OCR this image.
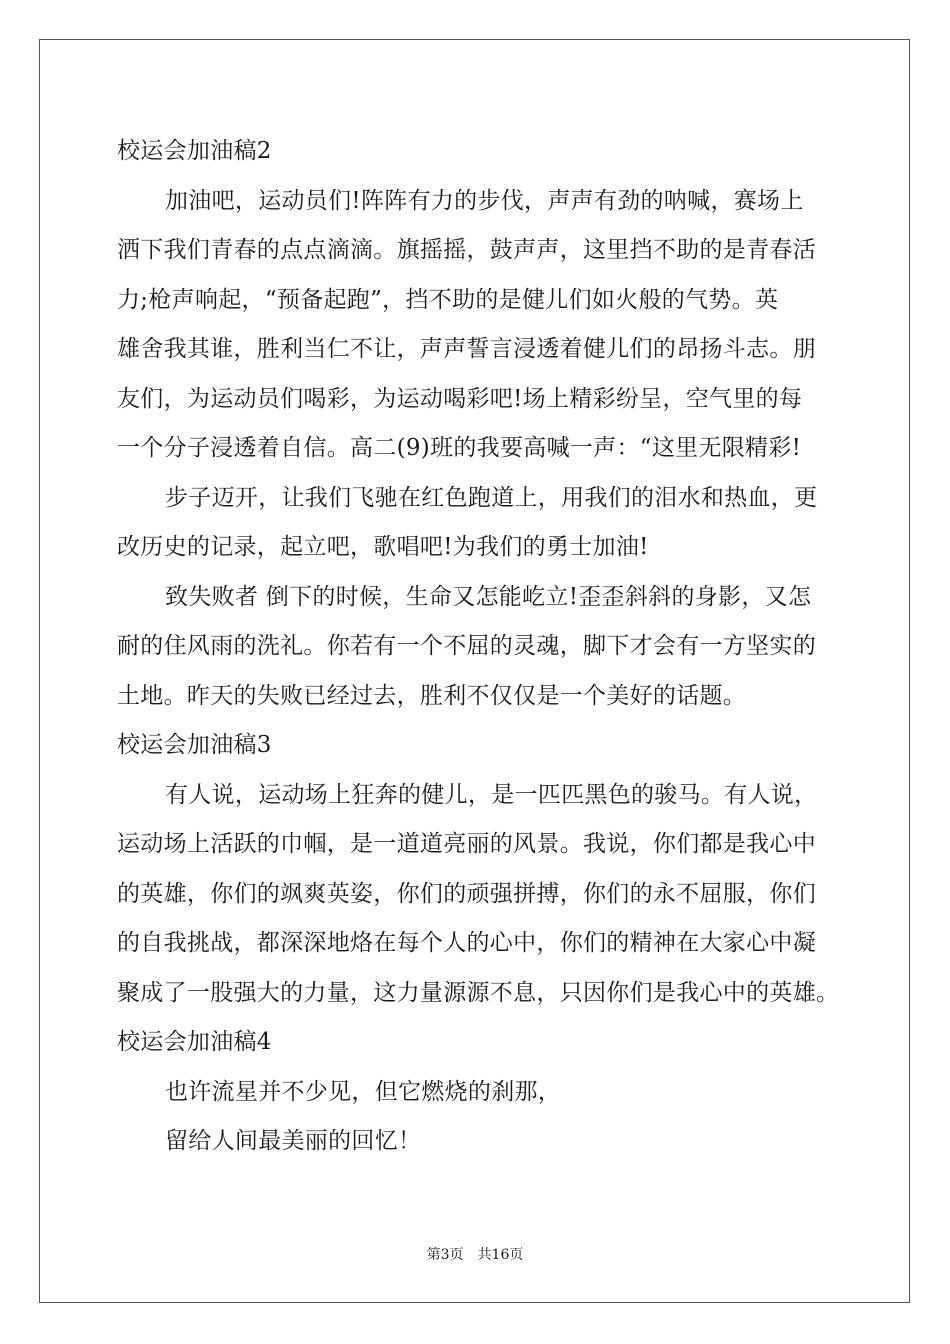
校运会加油稿2
加油吧，运动员们!阵阵有力的步伐，声声有劲的呐喊，赛场上
洒下我们青春的点点滴滴。旗摇摇，鼓声声，这里挡不助的是青春活
力;枪声响起，“预备起跑”，挡不助的是健儿们如火般的气势。英
雄舍我其谁，胜利当仁不让，声声誓言浸透着健儿们的昂扬斗志。朋
友们，为运动员们喝彩，为运动喝彩吧!场上精彩纷呈，空气里的每
一个分子浸透着自信。高二(9)班的我要高喊一声：“这里无限精彩!
步子迈开，让我们飞驰在红色跑道上，用我们的泪水和热血，更
改历史的记录，起立吧，歌唱吧!为我们的勇士加油!
致失败者 倒下的时候，生命又怎能屹立!歪歪斜斜的身影，又怎
耐的住风雨的洗礼。你若有一个不屈的灵魂，脚下才会有一方坚实的
土地。昨天的失败已经过去，胜利不仅仅是一个美好的话题。
校运会加油稿3
有人说，运动场上狂奔的健儿，是一匹匹黑色的骏马。有人说，
运动场上活跃的巾帼，是一道道亮丽的风景。我说，你们都是我心中
的英雄，你们的飒爽英姿，你们的顽强拼搏，你们的永不屈服，你们
的自我挑战，都深深地烙在每个人的心中，你们的精神在大家心中凝
聚成了一股强大的力量，这力量源源不息，只因你们是我心中的英雄。
校运会加油稿4
也许流星并不少见，但它燃烧的刹那，
留给人间最美丽的回忆！
第3页　共16页
